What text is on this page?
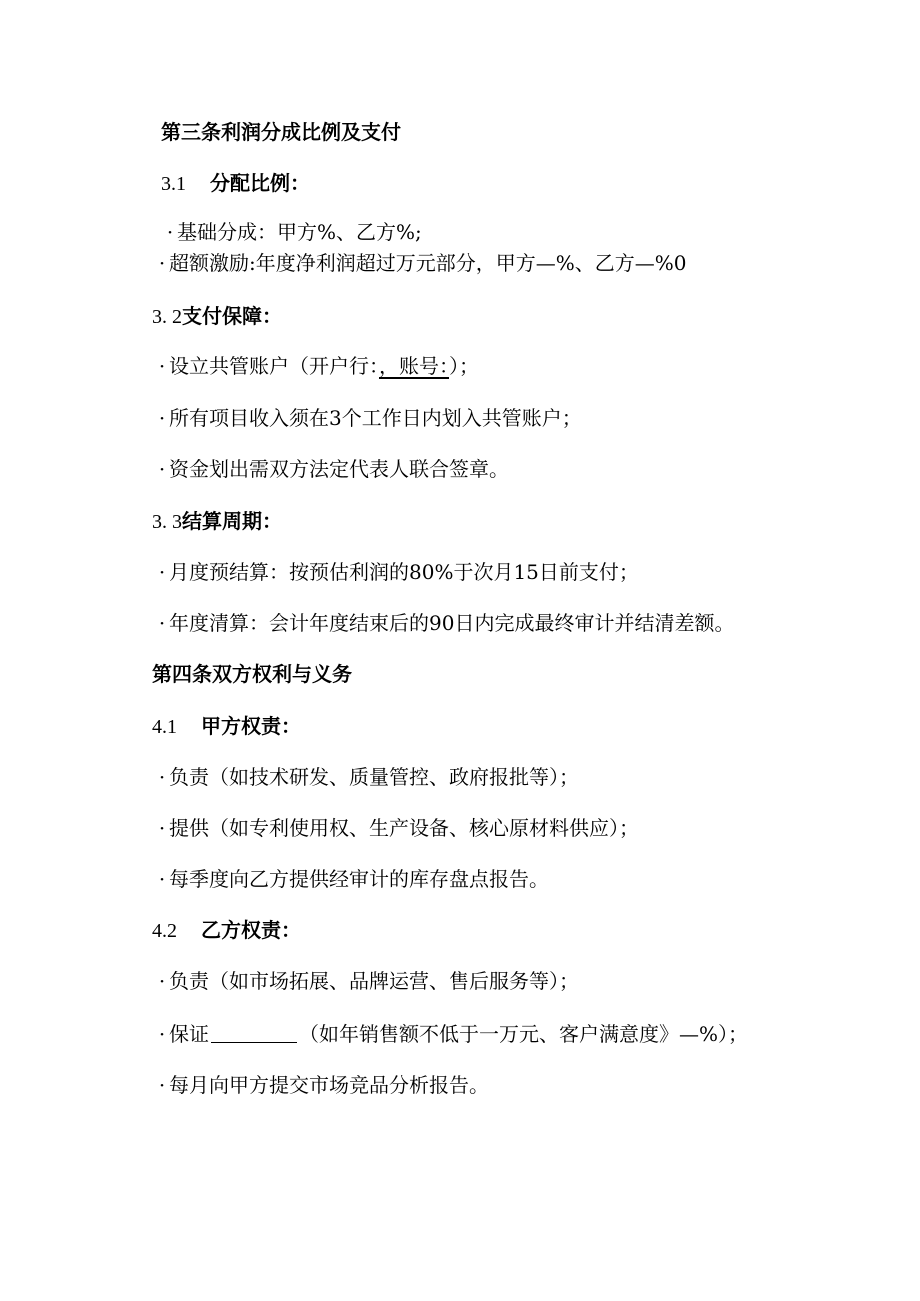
第三条利润分成比例及支付
3.1 分配比例：
· 基础分成：甲方%、乙方%;
· 超额激励:年度净利润超过万元部分，甲方—%、乙方—%0
3. 2支付保障：
· 设立共管账户（开户行：，账号：）；
· 所有项目收入须在3个工作日内划入共管账户；
· 资金划出需双方法定代表人联合签章。
3. 3结算周期：
· 月度预结算：按预估利润的80%于次月15日前支付；
· 年度清算：会计年度结束后的90日内完成最终审计并结清差额。
第四条双方权利与义务
4.1 甲方权责：
· 负责（如技术研发、质量管控、政府报批等）；
· 提供（如专利使用权、生产设备、核心原材料供应）；
· 每季度向乙方提供经审计的库存盘点报告。
4.2 乙方权责：
· 负责（如市场拓展、品牌运营、售后服务等）；
· 保证	（如年销售额不低于一万元、客户满意度》—%）；
· 每月向甲方提交市场竞品分析报告。
